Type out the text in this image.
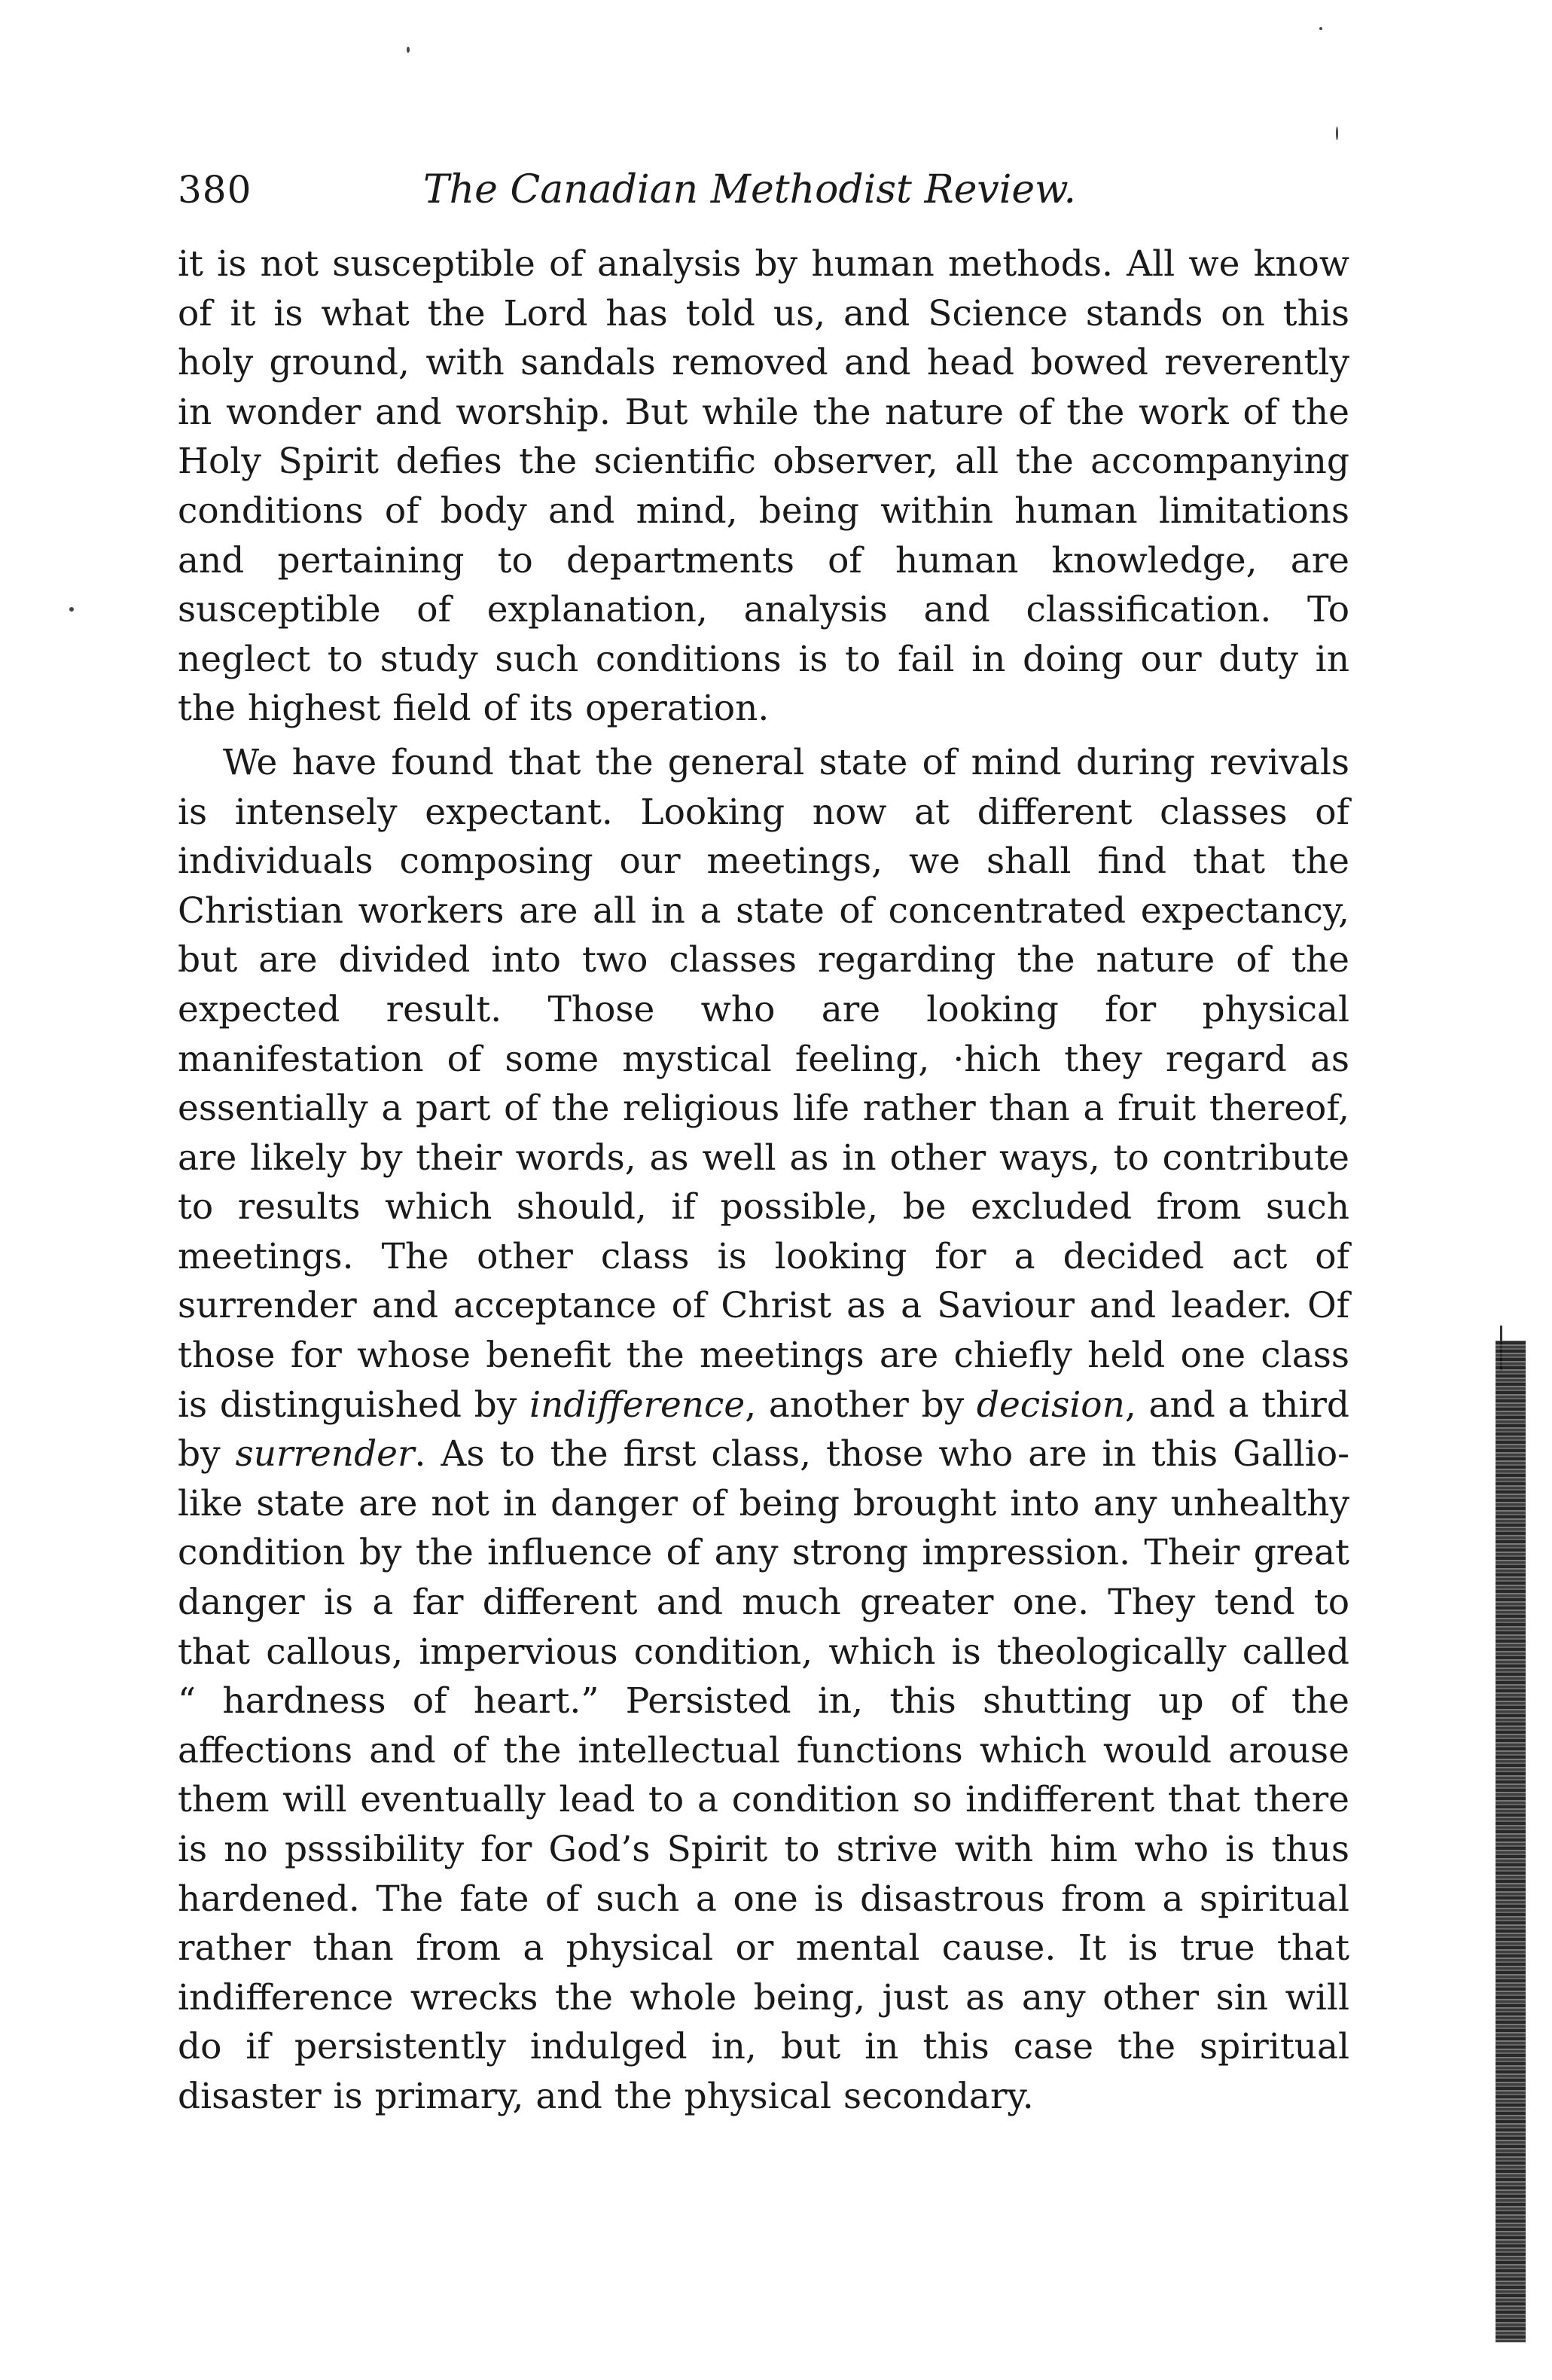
380	The Canadian Methodist Review.

it is not susceptible of analysis by human methods. All we know of it is what the Lord has told us, and Science stands on this holy ground, with sandals removed and head bowed reverently in wonder and worship. But while the nature of the work of the Holy Spirit defies the scientific observer, all the accompanying conditions of body and mind, being within human limitations and pertaining to departments of human knowledge, are susceptible of explanation, analysis and classification. To neglect to study such conditions is to fail in doing our duty in the highest field of its operation.

We have found that the general state of mind during revivals is intensely expectant. Looking now at different classes of individuals composing our meetings, we shall find that the Christian workers are all in a state of concentrated expectancy, but are divided into two classes regarding the nature of the expected result. Those who are looking for physical manifestation of some mystical feeling, ·hich they regard as essentially a part of the religious life rather than a fruit thereof, are likely by their words, as well as in other ways, to contribute to results which should, if possible, be excluded from such meetings. The other class is looking for a decided act of surrender and acceptance of Christ as a Saviour and leader. Of those for whose benefit the meetings are chiefly held one class is distinguished by indifference, another by decision, and a third by surrender. As to the first class, those who are in this Gallio-like state are not in danger of being brought into any unhealthy condition by the influence of any strong impression. Their great danger is a far different and much greater one. They tend to that callous, impervious condition, which is theologically called “ hardness of heart.” Persisted in, this shutting up of the affections and of the intellectual functions which would arouse them will eventually lead to a condition so indifferent that there is no psssibility for God’s Spirit to strive with him who is thus hardened. The fate of such a one is disastrous from a spiritual rather than from a physical or mental cause. It is true that indifference wrecks the whole being, just as any other sin will do if persistently indulged in, but in this case the spiritual disaster is primary, and the physical secondary.
